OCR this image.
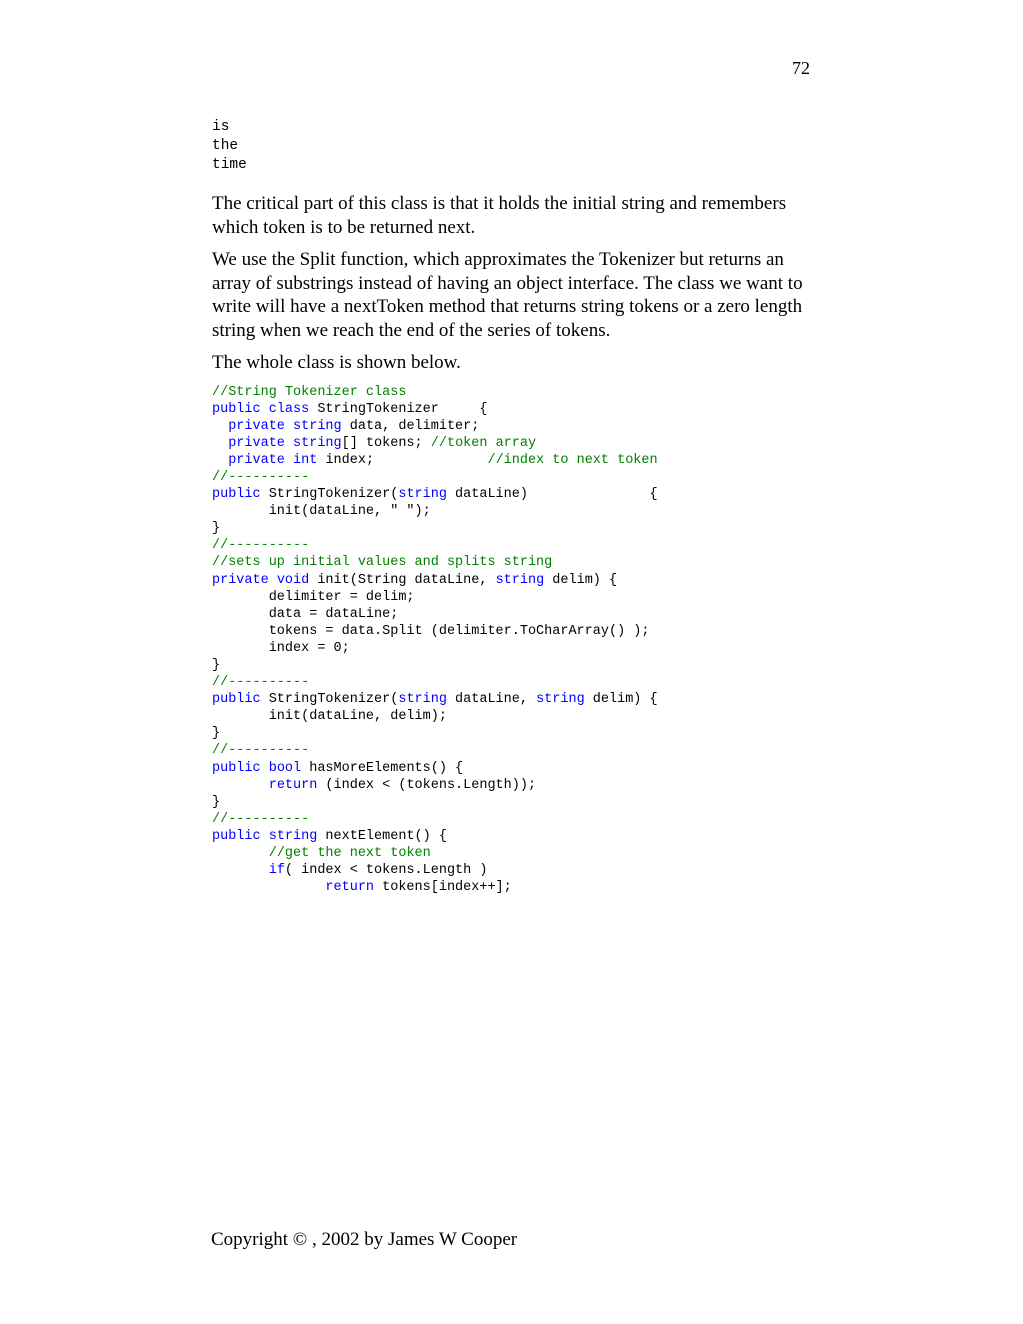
72
is
the
time

The critical part of this class is that it holds the initial string and remembers which token is to be returned next.

We use the Split function, which approximates the Tokenizer but returns an array of substrings instead of having an object interface. The class we want to write will have a nextToken method that returns string tokens or a zero length string when we reach the end of the series of tokens.

The whole class is shown below.

//String Tokenizer class
public class StringTokenizer     {
private string data, delimiter;
private string[] tokens; //token array
private int index;              //index to next token
//----------
public StringTokenizer(string dataLine)               {
init(dataLine, " ");
}
//----------
//sets up initial values and splits string
private void init(String dataLine, string delim) {
delimiter = delim;
data = dataLine;
tokens = data.Split (delimiter.ToCharArray() );
index = 0;
}
//----------
public StringTokenizer(string dataLine, string delim) {
init(dataLine, delim);
}
//----------
public bool hasMoreElements() {
return (index < (tokens.Length));
}
//----------
public string nextElement() {
//get the next token
if( index < tokens.Length )
return tokens[index++];
Copyright © , 2002 by James W Cooper
